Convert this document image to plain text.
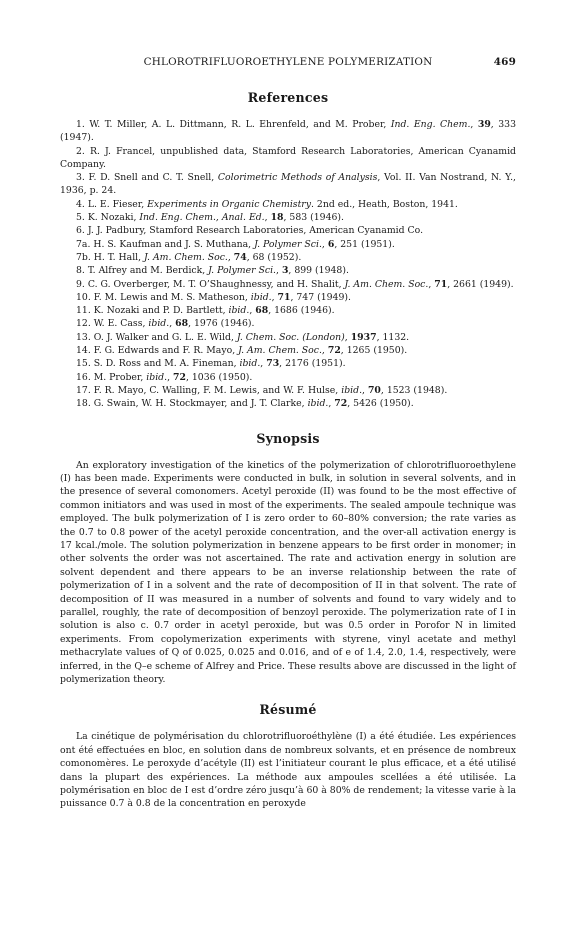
CHLOROTRIFLUOROETHYLENE POLYMERIZATION	469
References
1. W. T. Miller, A. L. Dittmann, R. L. Ehrenfeld, and M. Prober, Ind. Eng. Chem., 39, 333 (1947).
2. R. J. Francel, unpublished data, Stamford Research Laboratories, American Cyanamid Company.
3. F. D. Snell and C. T. Snell, Colorimetric Methods of Analysis, Vol. II. Van Nostrand, N. Y., 1936, p. 24.
4. L. E. Fieser, Experiments in Organic Chemistry. 2nd ed., Heath, Boston, 1941.
5. K. Nozaki, Ind. Eng. Chem., Anal. Ed., 18, 583 (1946).
6. J. J. Padbury, Stamford Research Laboratories, American Cyanamid Co.
7a. H. S. Kaufman and J. S. Muthana, J. Polymer Sci., 6, 251 (1951).
7b. H. T. Hall, J. Am. Chem. Soc., 74, 68 (1952).
8. T. Alfrey and M. Berdick, J. Polymer Sci., 3, 899 (1948).
9. C. G. Overberger, M. T. O’Shaughnessy, and H. Shalit, J. Am. Chem. Soc., 71, 2661 (1949).
10. F. M. Lewis and M. S. Matheson, ibid., 71, 747 (1949).
11. K. Nozaki and P. D. Bartlett, ibid., 68, 1686 (1946).
12. W. E. Cass, ibid., 68, 1976 (1946).
13. O. J. Walker and G. L. E. Wild, J. Chem. Soc. (London), 1937, 1132.
14. F. G. Edwards and F. R. Mayo, J. Am. Chem. Soc., 72, 1265 (1950).
15. S. D. Ross and M. A. Fineman, ibid., 73, 2176 (1951).
16. M. Prober, ibid., 72, 1036 (1950).
17. F. R. Mayo, C. Walling, F. M. Lewis, and W. F. Hulse, ibid., 70, 1523 (1948).
18. G. Swain, W. H. Stockmayer, and J. T. Clarke, ibid., 72, 5426 (1950).
Synopsis

An exploratory investigation of the kinetics of the polymerization of chlorotrifluoroethylene (I) has been made. Experiments were conducted in bulk, in solution in several solvents, and in the presence of several comonomers. Acetyl peroxide (II) was found to be the most effective of common initiators and was used in most of the experiments. The sealed ampoule technique was employed. The bulk polymerization of I is zero order to 60–80% conversion; the rate varies as the 0.7 to 0.8 power of the acetyl peroxide concentration, and the over-all activation energy is 17 kcal./mole. The solution polymerization in benzene appears to be first order in monomer; in other solvents the order was not ascertained. The rate and activation energy in solution are solvent dependent and there appears to be an inverse relationship between the rate of polymerization of I in a solvent and the rate of decomposition of II in that solvent. The rate of decomposition of II was measured in a number of solvents and found to vary widely and to parallel, roughly, the rate of decomposition of benzoyl peroxide. The polymerization rate of I in solution is also c. 0.7 order in acetyl peroxide, but was 0.5 order in Porofor N in limited experiments. From copolymerization experiments with styrene, vinyl acetate and methyl methacrylate values of Q of 0.025, 0.025 and 0.016, and of e of 1.4, 2.0, 1.4, respectively, were inferred, in the Q–e scheme of Alfrey and Price. These results above are discussed in the light of polymerization theory.

Résumé

La cinétique de polymérisation du chlorotrifluoroéthylène (I) a été étudiée. Les expériences ont été effectuées en bloc, en solution dans de nombreux solvants, et en présence de nombreux comonomères. Le peroxyde d’acétyle (II) est l’initiateur courant le plus efficace, et a été utilisé dans la plupart des expériences. La méthode aux ampoules scellées a été utilisée. La polymérisation en bloc de I est d’ordre zéro jusqu’à 60 à 80% de rendement; la vitesse varie à la puissance 0.7 à 0.8 de la concentration en peroxyde
